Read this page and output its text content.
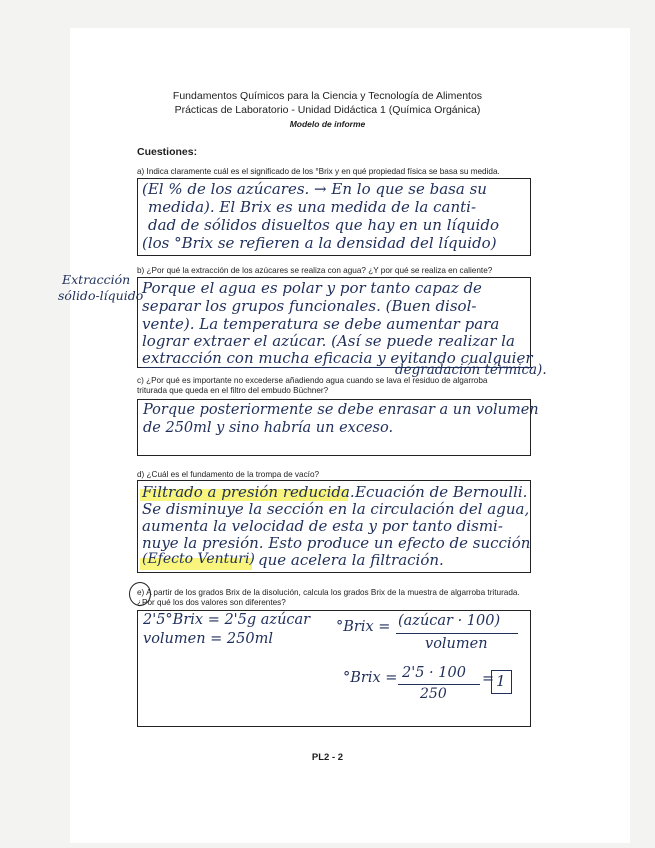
Fundamentos Químicos para la Ciencia y Tecnología de Alimentos
Prácticas de Laboratorio - Unidad Didáctica 1 (Química Orgánica)
Modelo de informe
Cuestiones:
a) Indica claramente cuál es el significado de los °Brix y en qué propiedad física se basa su medida.
(El % de los azúcares. → En lo que se basa su
medida). El Brix es una medida de la canti-
dad de sólidos disueltos que hay en un líquido
(los °Brix se refieren a la densidad del líquido)
b) ¿Por qué la extracción de los azúcares se realiza con agua? ¿Y por qué se realiza en caliente?
Extracción
sólido-líquido
Porque el agua es polar y por tanto capaz de
separar los grupos funcionales. (Buen disol-
vente). La temperatura se debe aumentar para
lograr extraer el azúcar. (Así se puede realizar la
extracción con mucha eficacia y evitando cualquier
degradación térmica).
c) ¿Por qué es importante no excederse añadiendo agua cuando se lava el residuo de algarroba
triturada que queda en el filtro del embudo Büchner?
Porque posteriormente se debe enrasar a un volumen
de 250ml y sino habría un exceso.
d) ¿Cuál es el fundamento de la trompa de vacío?
Filtrado a presión reducida. Ecuación de Bernoulli.
Se disminuye la sección en la circulación del agua,
aumenta la velocidad de esta y por tanto dismi-
nuye la presión. Esto produce un efecto de succión
(Efecto Venturi) que acelera la filtración.
e) A partir de los grados Brix de la disolución, calcula los grados Brix de la muestra de algarroba triturada.
¿Por qué los dos valores son diferentes?
2'5°Brix = 2'5g azúcar
volumen = 250ml
°Brix = (azúcar · 100)
volumen
°Brix = 2'5 · 100
250
= 1
PL2 - 2
